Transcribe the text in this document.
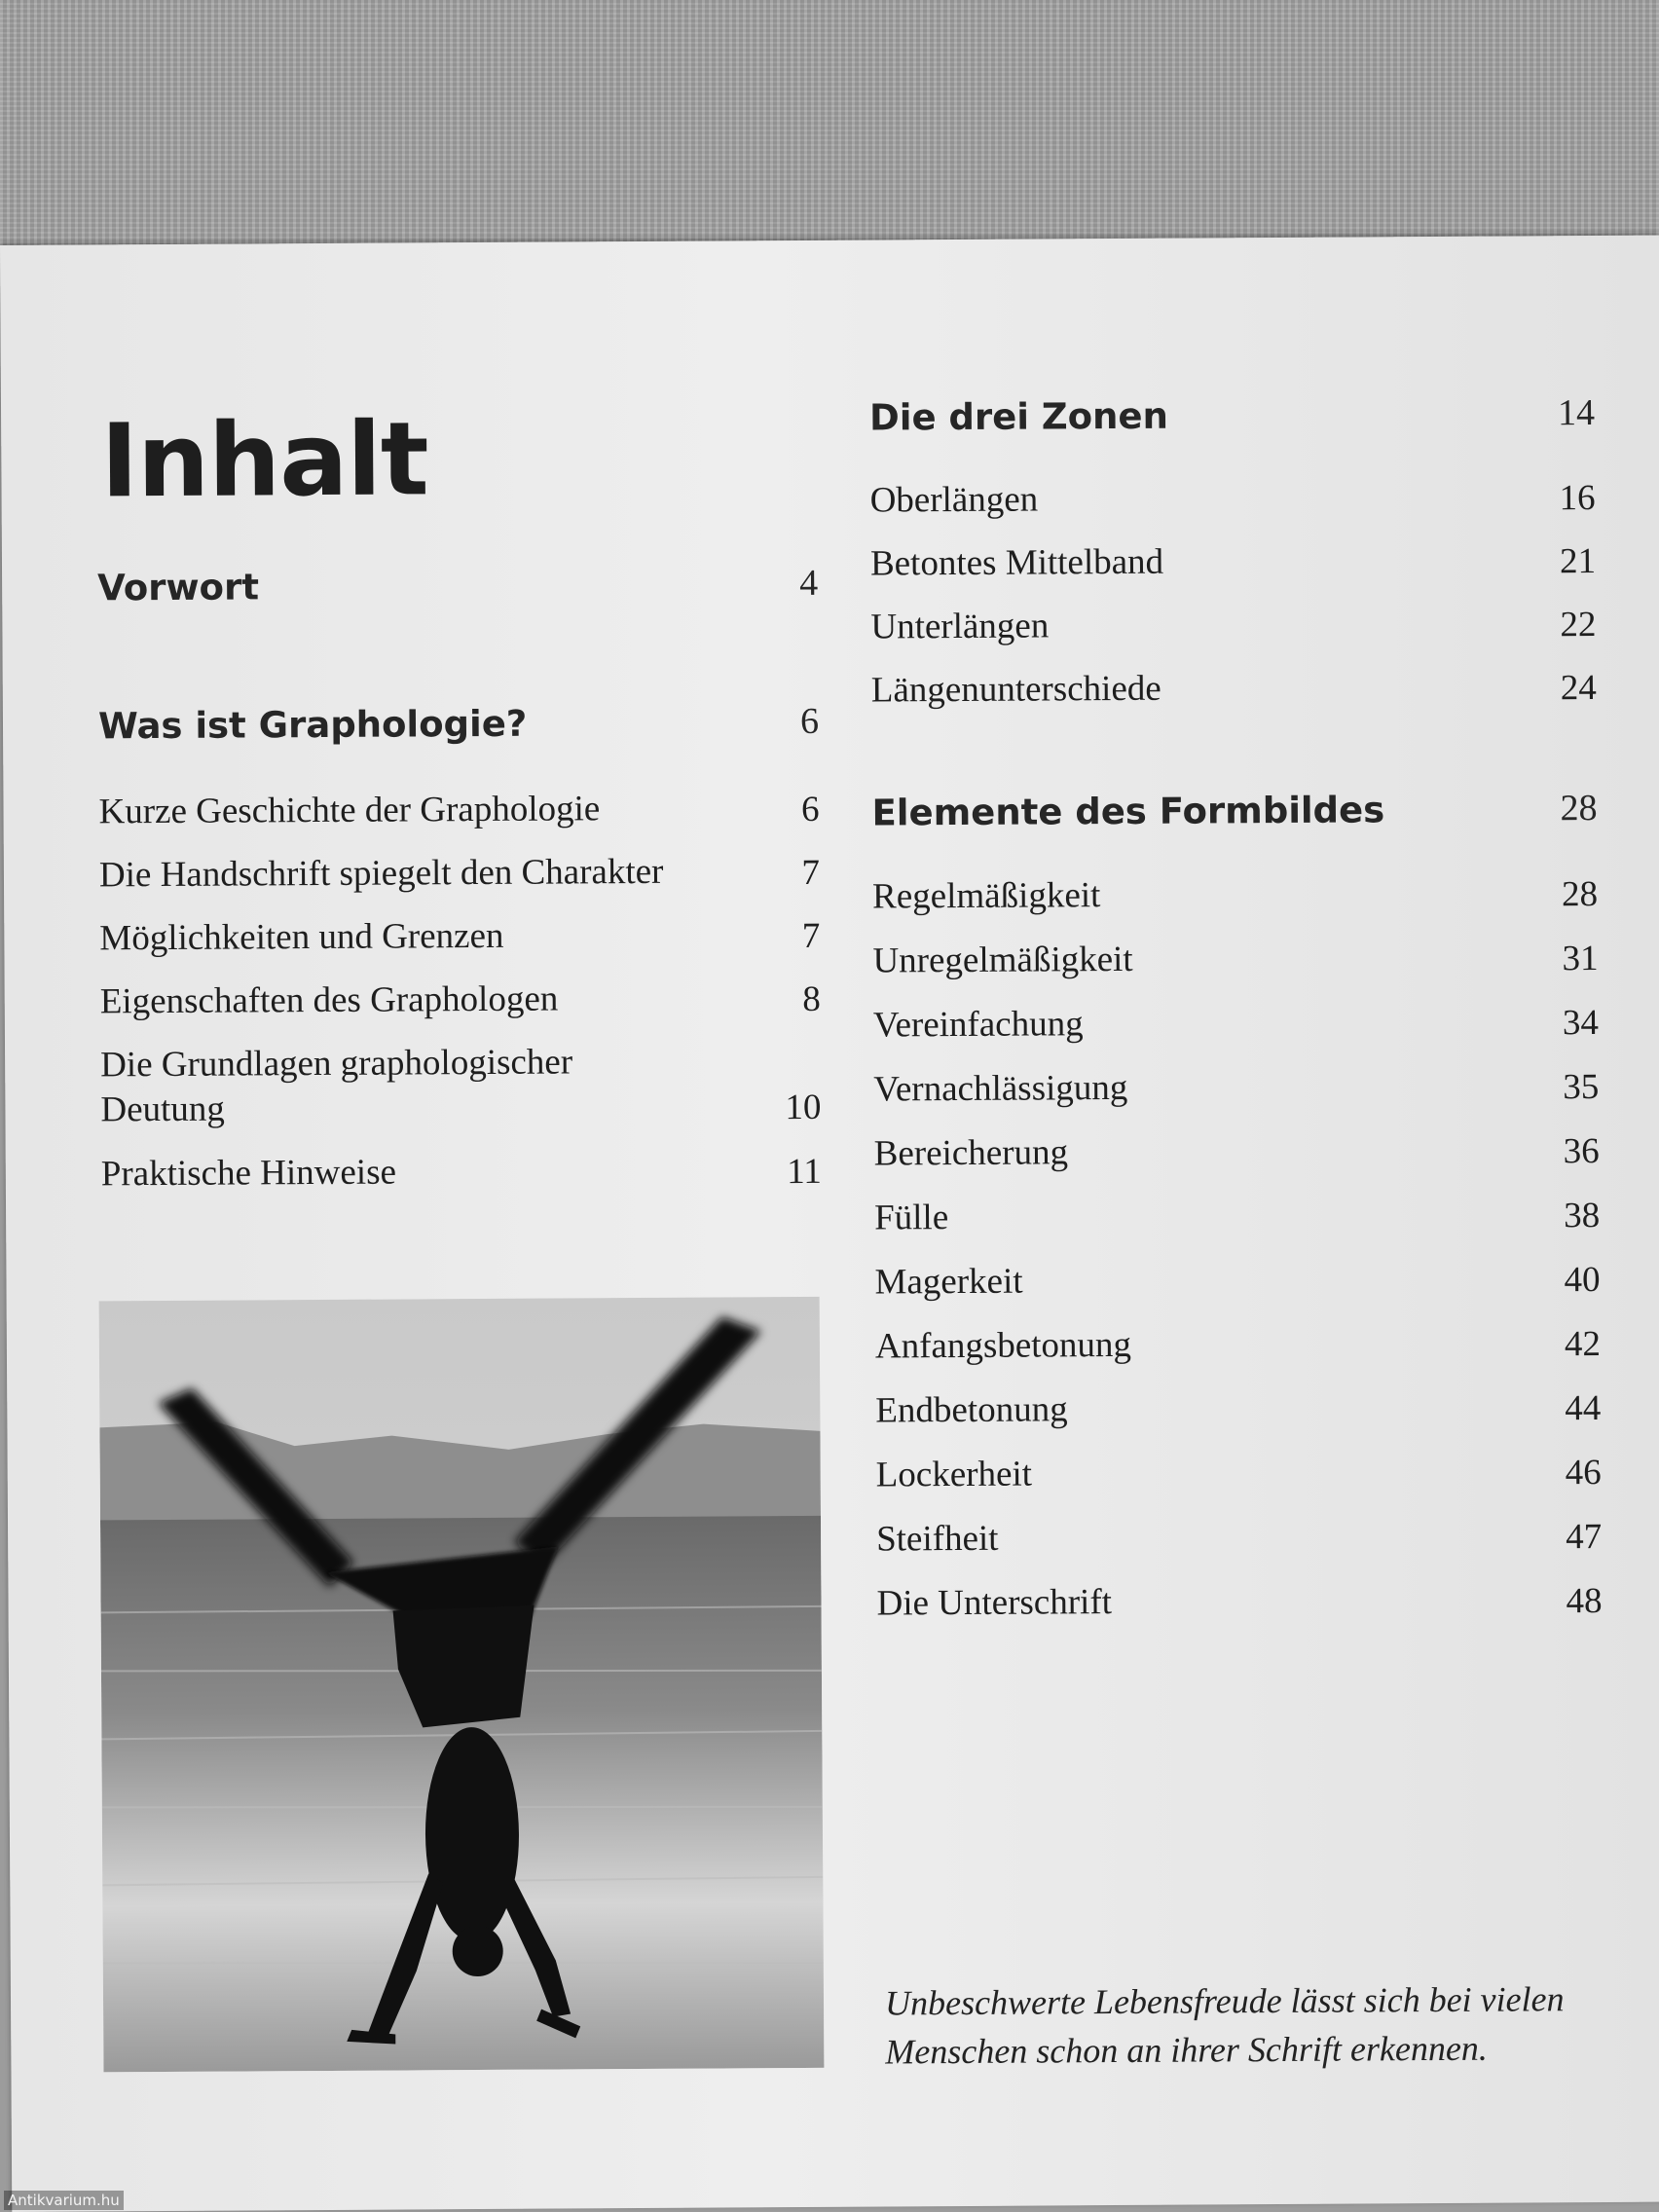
Inhalt
Vorwort	4
Was ist Graphologie?	6
Kurze Geschichte der Graphologie	6
Die Handschrift spiegelt den Charakter	7
Möglichkeiten und Grenzen	7
Eigenschaften des Graphologen	8
Die Grundlagen graphologischer Deutung	10
Praktische Hinweise	11
Die drei Zonen	14
Oberlängen	16
Betontes Mittelband	21
Unterlängen	22
Längenunterschiede	24
Elemente des Formbildes	28
Regelmäßigkeit	28
Unregelmäßigkeit	31
Vereinfachung	34
Vernachlässigung	35
Bereicherung	36
Fülle	38
Magerkeit	40
Anfangsbetonung	42
Endbetonung	44
Lockerheit	46
Steifheit	47
Die Unterschrift	48

Unbeschwerte Lebensfreude lässt sich bei vielen Menschen schon an ihrer Schrift erkennen.

Antikvarium.hu
